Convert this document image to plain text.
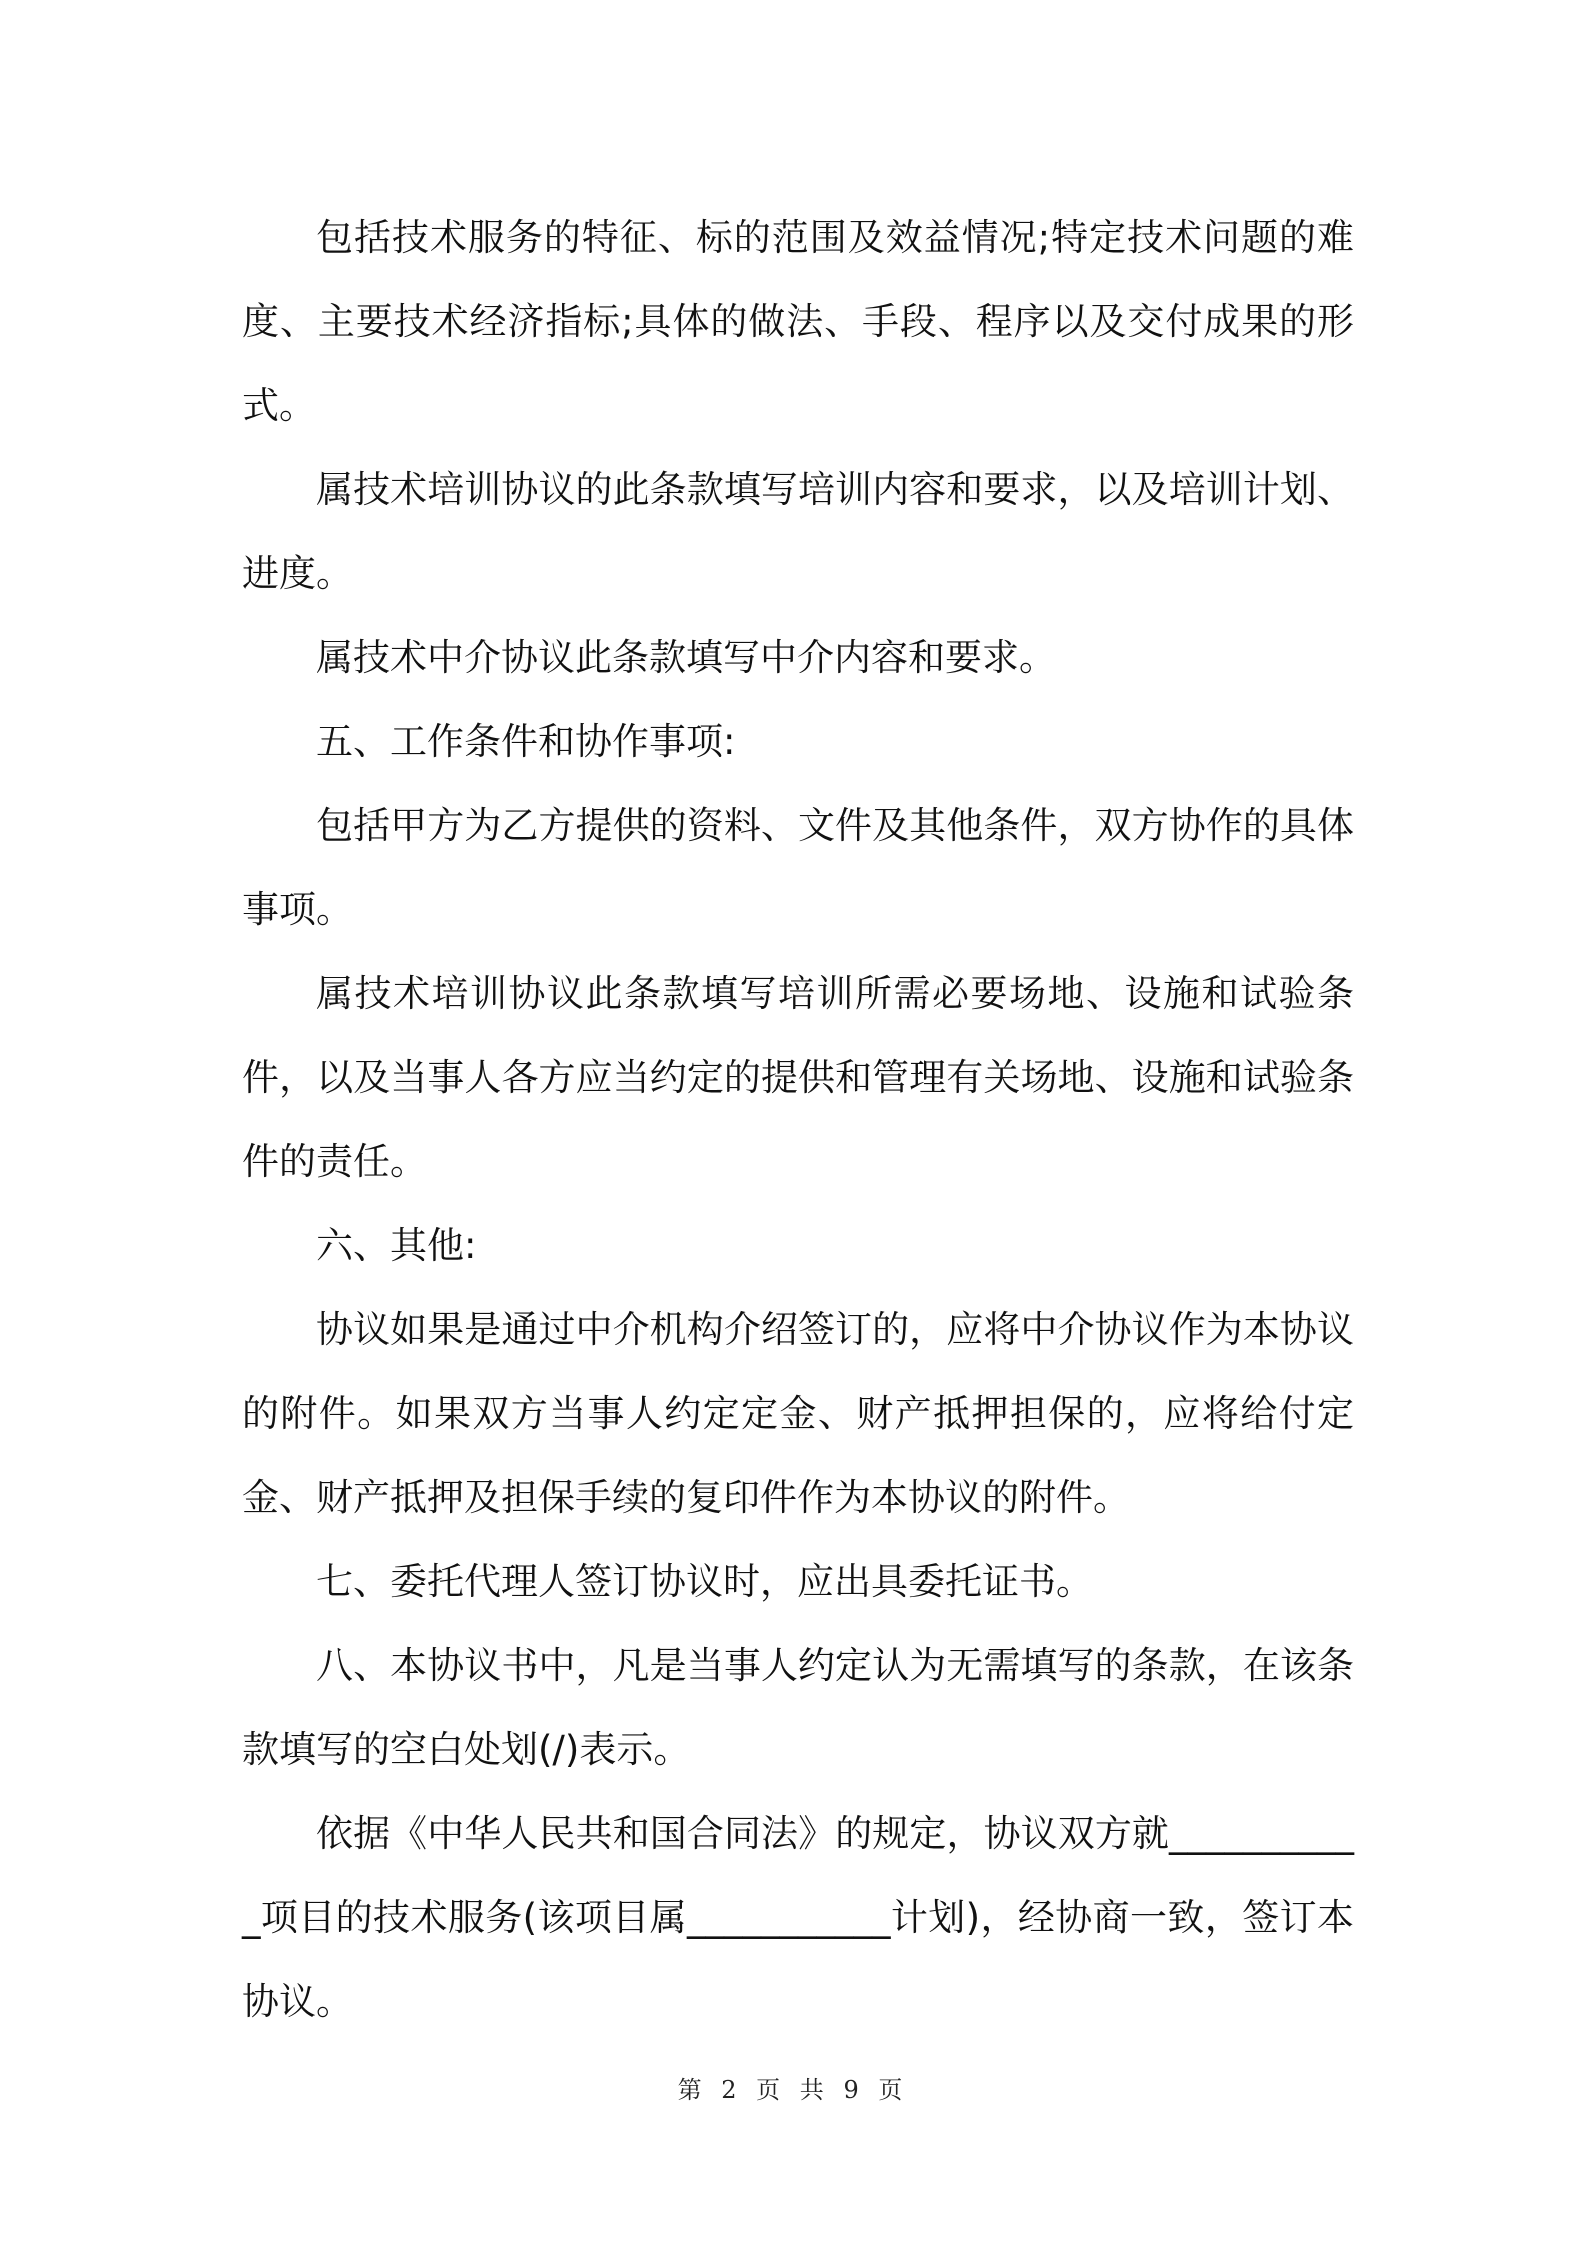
包括技术服务的特征、标的范围及效益情况;特定技术问题的难度、主要技术经济指标;具体的做法、手段、程序以及交付成果的形式。

属技术培训协议的此条款填写培训内容和要求，以及培训计划、进度。

属技术中介协议此条款填写中介内容和要求。

五、工作条件和协作事项:

包括甲方为乙方提供的资料、文件及其他条件，双方协作的具体事项。

属技术培训协议此条款填写培训所需必要场地、设施和试验条件，以及当事人各方应当约定的提供和管理有关场地、设施和试验条件的责任。

六、其他:

协议如果是通过中介机构介绍签订的，应将中介协议作为本协议的附件。如果双方当事人约定定金、财产抵押担保的，应将给付定金、财产抵押及担保手续的复印件作为本协议的附件。

七、委托代理人签订协议时，应出具委托证书。

八、本协议书中，凡是当事人约定认为无需填写的条款，在该条款填写的空白处划(/)表示。

依据《中华人民共和国合同法》的规定，协议双方就___________项目的技术服务(该项目属___________计划)，经协商一致，签订本协议。

第 2 页 共 9 页
